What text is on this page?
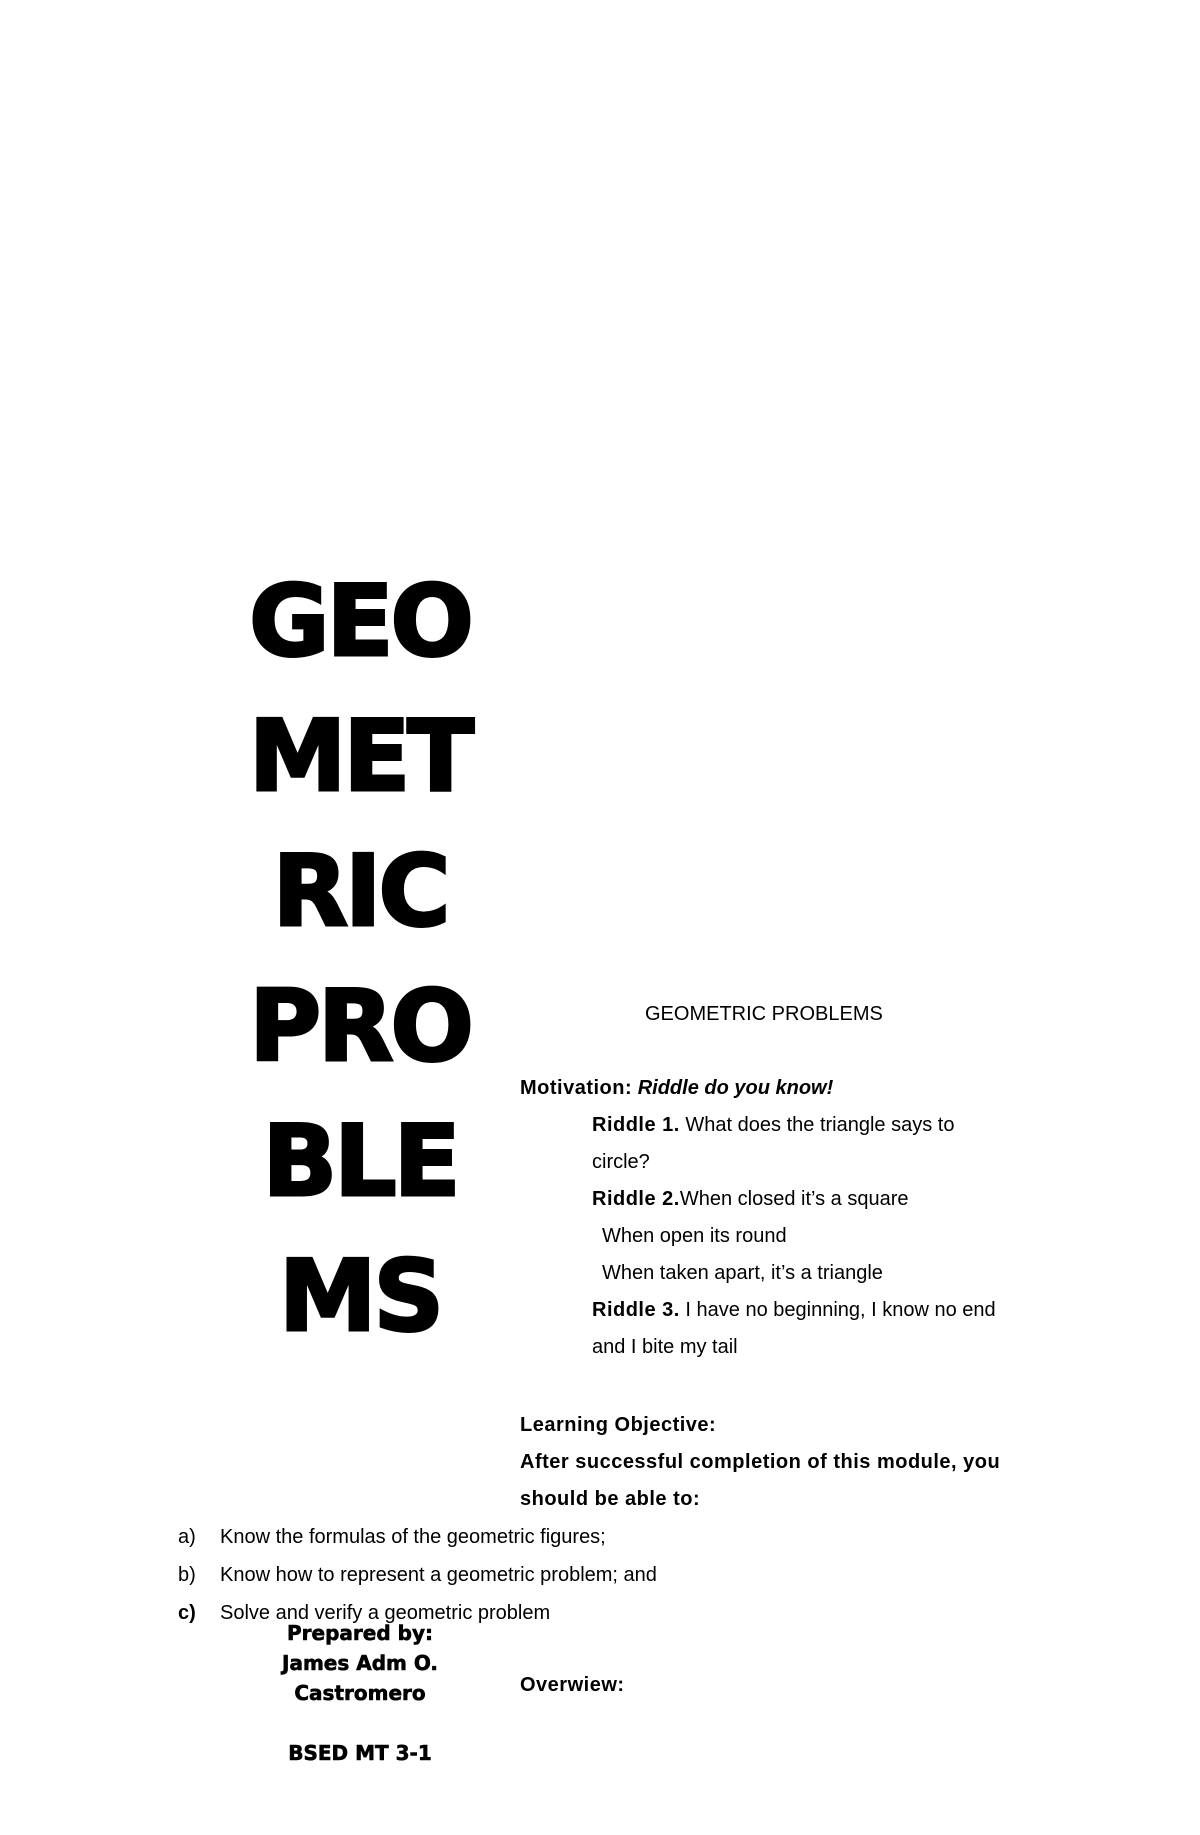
GEO
MET
RIC
PRO
BLE
MS
GEOMETRIC PROBLEMS
Motivation: Riddle do you know!
Riddle 1. What does the triangle says to
circle?
Riddle 2.When closed it’s a square
When open its round
When taken apart, it’s a triangle
Riddle 3. I have no beginning, I know no end
and I bite my tail
Learning Objective:
After successful completion of this module, you
should be able to:
a) Know the formulas of the geometric figures;
b) Know how to represent a geometric problem; and
c) Solve and verify a geometric problem
Prepared by:
James Adm O.
Castromero
BSED MT 3-1
Overwiew:
